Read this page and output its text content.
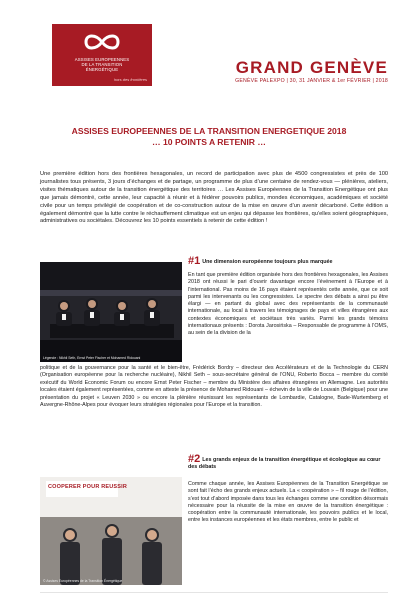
ASSISES EUROPEENNES
DE LA TRANSITION
ÉNERGÉTIQUE
hors des frontières
GRAND GENÈVE
GENÈVE PALEXPO | 30, 31 JANVIER & 1er FÉVRIER | 2018
ASSISES EUROPEENNES DE LA TRANSITION ENERGETIQUE 2018
… 10 POINTS A RETENIR …

Une première édition hors des frontières hexagonales, un record de participation avec plus de 4500 congressistes et près de 100 journalistes tous présents, 3 jours d’échanges et de partage, un programme de plus d’une centaine de rendez-vous — plénières, ateliers, visites thématiques autour de la transition énergétique des territoires … Les Assises Européennes de la Transition Energétique ont plus que jamais démontré, cette année, leur capacité à réunir et à fédérer pouvoirs publics, mondes économiques, académiques et société civile pour un temps privilégié de coopération et de co-construction autour de la mise en œuvre d’un avenir décarboné. Cette édition a également démontré que la lutte contre le réchauffement climatique est un enjeu qui dépasse les frontières, qu’elles soient géographiques, administratives ou sociétales. Découvrez les 10 points essentiels à retenir de cette édition !

Légende : Nikhil Seth, Ernst Peter Fischer et Mohamed Ridouani
#1 Une dimension européenne toujours plus marquée

En tant que première édition organisée hors des frontières hexagonales, les Assises 2018 ont réussi le pari d’ouvrir davantage encore l’événement à l’Europe et à l’international. Pas moins de 16 pays étaient représentés cette année, que ce soit parmi les intervenants ou les congressistes. Le spectre des débats a ainsi pu être élargi — en partant du global avec des représentants de la communauté internationale, au local à travers les témoignages de pays et villes étrangères aux contextes économiques et sociétaux très variés. Parmi les grands témoins internationaux présents : Dorota Jarosińska – Responsable de programme à l’OMS, au sein de la division de la

politique et de la gouvernance pour la santé et le bien-être, Frédérick Bordry – directeur des Accélérateurs et de la Technologie du CERN (Organisation européenne pour la recherche nucléaire), Nikhil Seth – sous-secrétaire général de l’ONU, Roberto Bocca – membre du comité exécutif du World Economic Forum ou encore Ernst Peter Fischer – membre du Ministère des affaires étrangères en Allemagne. Les autorités locales étaient également représentées, comme en atteste la présence de Mohamed Ridouani – échevin de la ville de Louvain (Belgique) pour une présentation du projet « Leuven 2030 » ou encore la plénière réunissant les représentants de Lombardie, Catalogne, Bade-Wurtemberg et Auvergne-Rhône-Alpes pour évoquer leurs stratégies régionales pour l’Europe et la transition.

COOPERER POUR REUSSIR
© Assises Européennes de la Transition Énergétique
#2 Les grands enjeux de la transition énergétique et écologique au cœur des débats

Comme chaque année, les Assises Européennes de la Transition Energétique se sont fait l’écho des grands enjeux actuels. La « coopération » – fil rouge de l’édition, s’est tout d’abord imposée dans tous les échanges comme une condition désormais nécessaire pour la réussite de la mise en œuvre de la transition énergétique : coopération entre la communauté internationale, les pouvoirs publics et le local, entre les instances européennes et les états membres, entre le public et
